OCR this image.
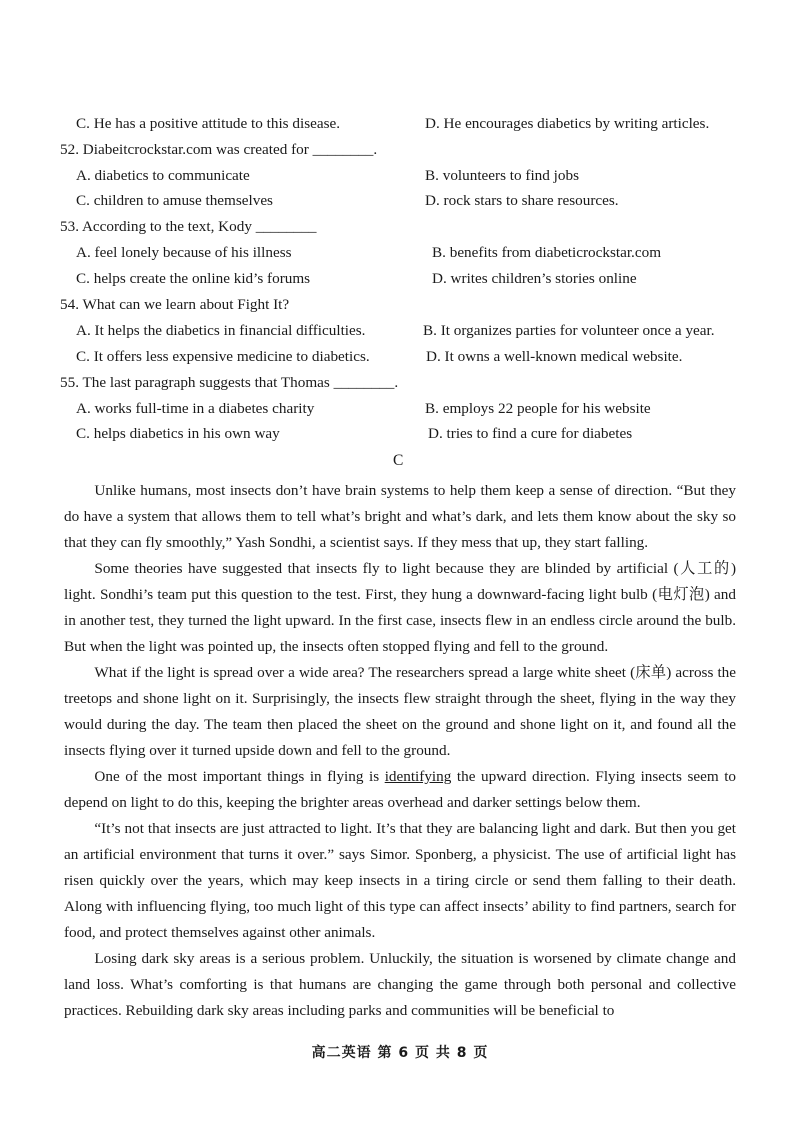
C. He has a positive attitude to this disease.	D. He encourages diabetics by writing articles.
52. Diabeitcrockstar.com was created for ________.
A. diabetics to communicate	B. volunteers to find jobs
C. children to amuse themselves	D. rock stars to share resources.
53. According to the text, Kody ________
A. feel lonely because of his illness	B. benefits from diabeticrockstar.com
C. helps create the online kid’s forums	D. writes children’s stories online
54. What can we learn about Fight It?
A. It helps the diabetics in financial difficulties.	B. It organizes parties for volunteer once a year.
C. It offers less expensive medicine to diabetics.	D. It owns a well-known medical website.
55. The last paragraph suggests that Thomas ________.
A. works full-time in a diabetes charity	B. employs 22 people for his website
C. helps diabetics in his own way	D. tries to find a cure for diabetes
C

Unlike humans, most insects don’t have brain systems to help them keep a sense of direction. “But they do have a system that allows them to tell what’s bright and what’s dark, and lets them know about the sky so that they can fly smoothly,” Yash Sondhi, a scientist says. If they mess that up, they start falling.

Some theories have suggested that insects fly to light because they are blinded by artificial (人工的) light. Sondhi’s team put this question to the test. First, they hung a downward-facing light bulb (电灯泡) and in another test, they turned the light upward. In the first case, insects flew in an endless circle around the bulb. But when the light was pointed up, the insects often stopped flying and fell to the ground.

What if the light is spread over a wide area? The researchers spread a large white sheet (床单) across the treetops and shone light on it. Surprisingly, the insects flew straight through the sheet, flying in the way they would during the day. The team then placed the sheet on the ground and shone light on it, and found all the insects flying over it turned upside down and fell to the ground.

One of the most important things in flying is identifying the upward direction. Flying insects seem to depend on light to do this, keeping the brighter areas overhead and darker settings below them.

“It’s not that insects are just attracted to light. It’s that they are balancing light and dark. But then you get an artificial environment that turns it over.” says Simor. Sponberg, a physicist. The use of artificial light has risen quickly over the years, which may keep insects in a tiring circle or send them falling to their death. Along with influencing flying, too much light of this type can affect insects’ ability to find partners, search for food, and protect themselves against other animals.

Losing dark sky areas is a serious problem. Unluckily, the situation is worsened by climate change and land loss. What’s comforting is that humans are changing the game through both personal and collective practices. Rebuilding dark sky areas including parks and communities will be beneficial to

高二英语 第 6 页 共 8 页
